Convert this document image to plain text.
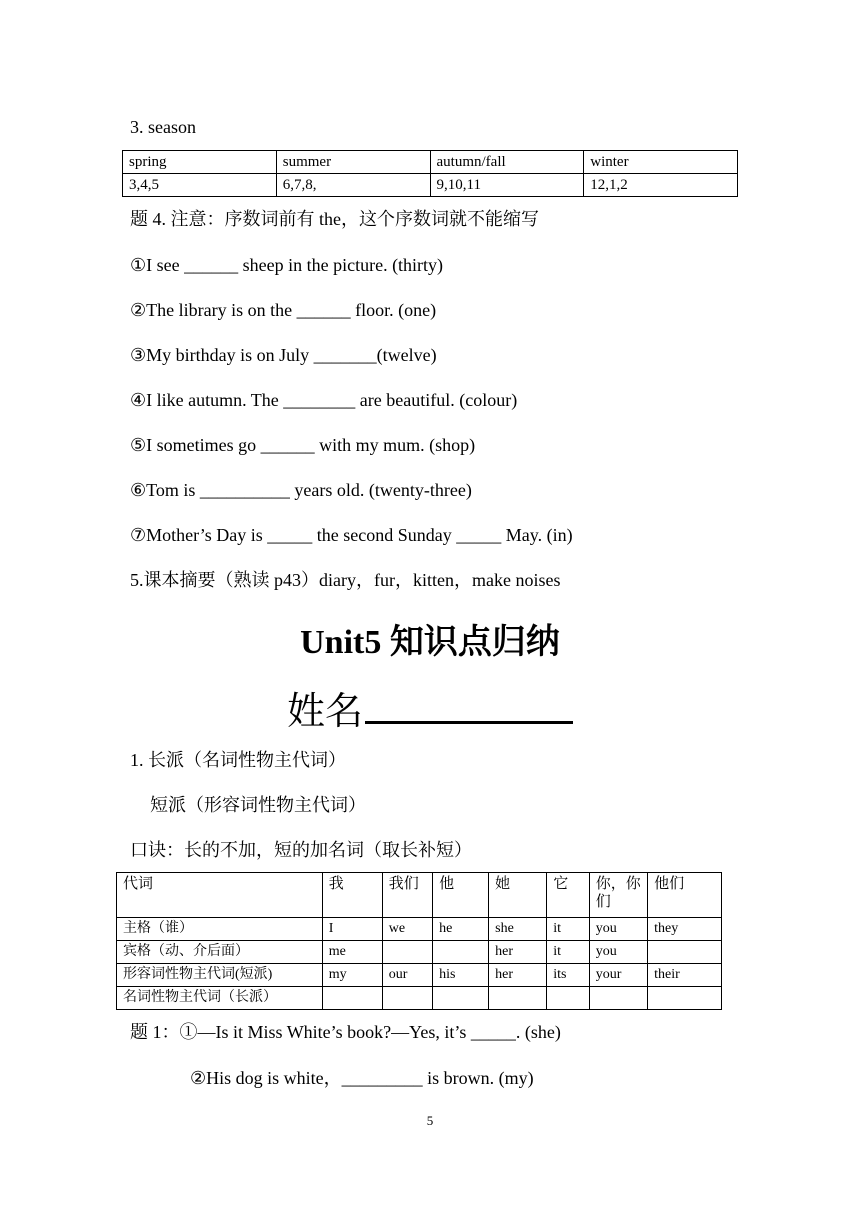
3. season
spring	summer	autumn/fall	winter
3,4,5	6,7,8,	9,10,11	12,1,2
题 4. 注意：序数词前有 the，这个序数词就不能缩写
①I see ______ sheep in the picture. (thirty)
②The library is on the ______ floor. (one)
③My birthday is on July _______(twelve)
④I like autumn. The ________ are beautiful. (colour)
⑤I sometimes go ______ with my mum. (shop)
⑥Tom is __________ years old. (twenty-three)
⑦Mother’s Day is _____ the second Sunday _____ May. (in)
5.课本摘要（熟读 p43）diary，fur，kitten，make noises
Unit5 知识点归纳
姓名
1. 长派（名词性物主代词）
短派（形容词性物主代词）
口诀：长的不加，短的加名词（取长补短）
代词	我	我们	他	她	它	你，你们	他们
主格（谁）	I	we	he	she	it	you	they
宾格（动、介后面）	me			her	it	you	
形容词性物主代词(短派)	my	our	his	her	its	your	their
名词性物主代词（长派）							
题 1：①—Is it Miss White’s book?—Yes, it’s _____. (she)
②His dog is white，_________ is brown. (my)
5
